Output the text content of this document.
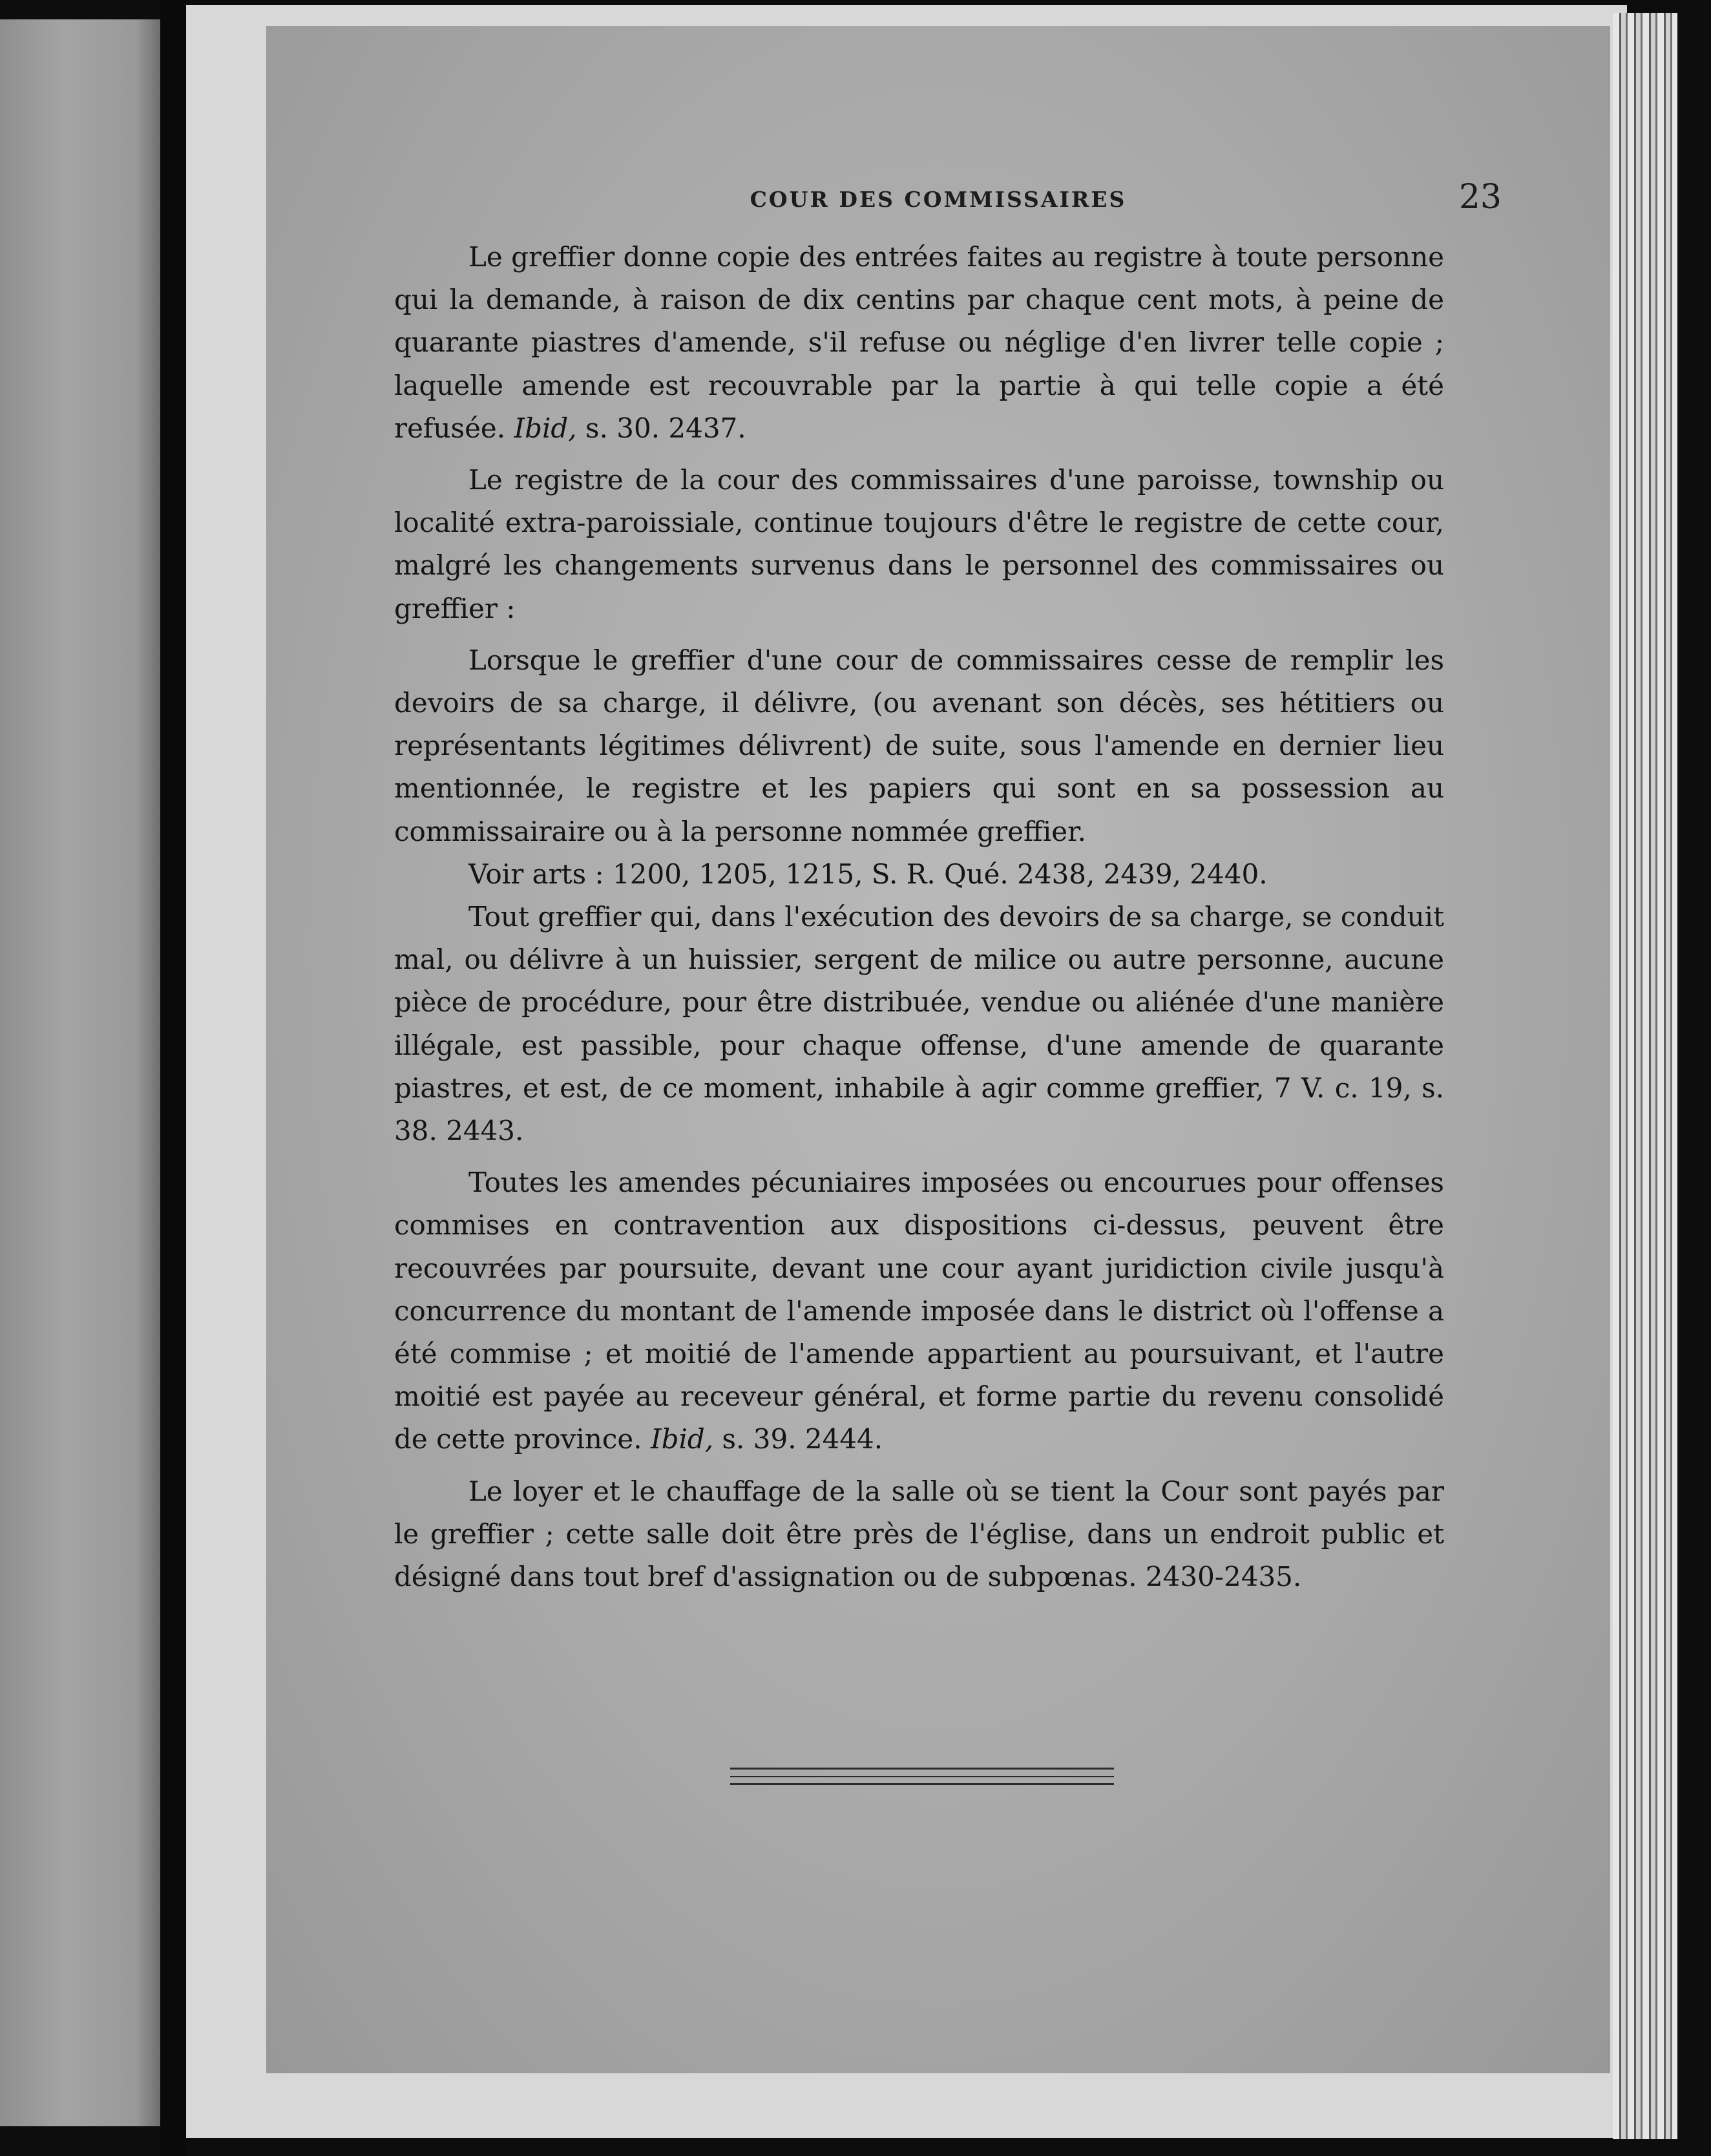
COUR DES COMMISSAIRES	23

Le greffier donne copie des entrées faites au registre à toute personne qui la demande, à raison de dix centins par chaque cent mots, à peine de quarante piastres d'amende, s'il refuse ou néglige d'en livrer telle copie ; laquelle amende est recouvrable par la partie à qui telle copie a été refusée. Ibid, s. 30. 2437.

Le registre de la cour des commissaires d'une paroisse, township ou localité extra-paroissiale, continue toujours d'être le registre de cette cour, malgré les changements survenus dans le personnel des commissaires ou greffier :

Lorsque le greffier d'une cour de commissaires cesse de remplir les devoirs de sa charge, il délivre, (ou avenant son décès, ses hétitiers ou représentants légitimes délivrent) de suite, sous l'amende en dernier lieu mentionnée, le registre et les papiers qui sont en sa possession au commissairaire ou à la personne nommée greffier.

Voir arts : 1200, 1205, 1215, S. R. Qué. 2438, 2439, 2440.

Tout greffier qui, dans l'exécution des devoirs de sa charge, se conduit mal, ou délivre à un huissier, sergent de milice ou autre personne, aucune pièce de procédure, pour être distribuée, vendue ou aliénée d'une manière illégale, est passible, pour chaque offense, d'une amende de quarante piastres, et est, de ce moment, inhabile à agir comme greffier, 7 V. c. 19, s. 38. 2443.

Toutes les amendes pécuniaires imposées ou encourues pour offenses commises en contravention aux dispositions ci-dessus, peuvent être recouvrées par poursuite, devant une cour ayant juridiction civile jusqu'à concurrence du montant de l'amende imposée dans le district où l'offense a été commise ; et moitié de l'amende appartient au poursuivant, et l'autre moitié est payée au receveur général, et forme partie du revenu consolidé de cette province. Ibid, s. 39. 2444.

Le loyer et le chauffage de la salle où se tient la Cour sont payés par le greffier ; cette salle doit être près de l'église, dans un endroit public et désigné dans tout bref d'assignation ou de subpœnas. 2430-2435.
